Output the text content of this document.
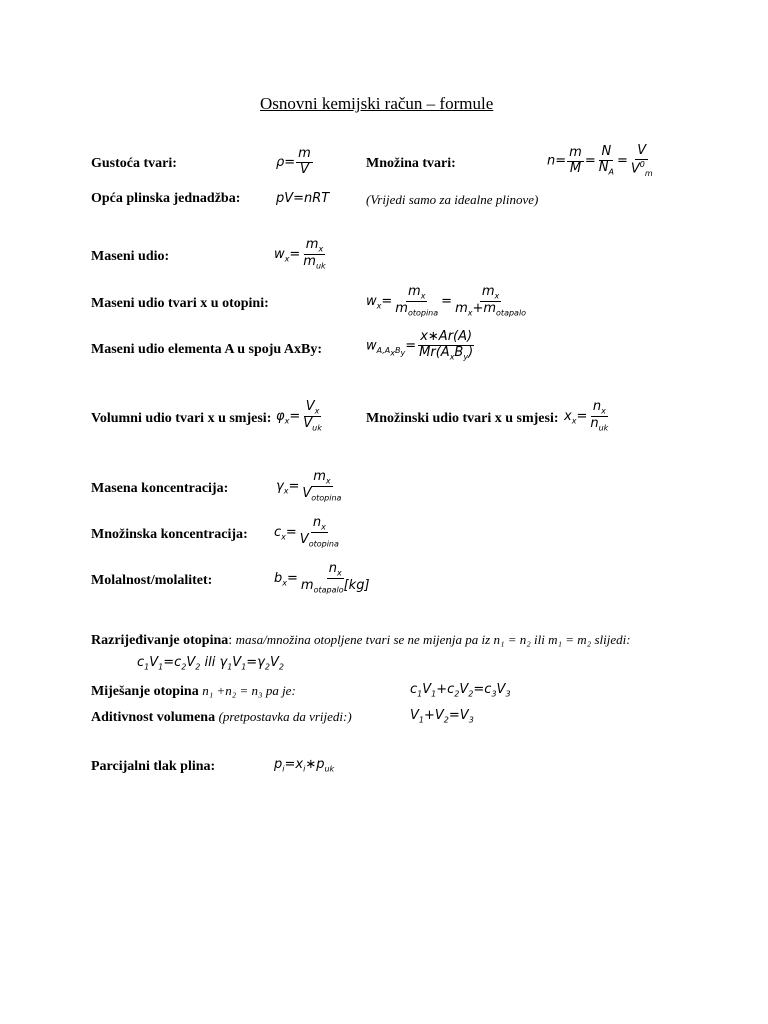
Osnovni kemijski račun – formule
Gustoća tvari:	$\rho= \frac{m}{V}$	Množina tvari:	$n= \frac{m}{M} = \frac{N}{N_A} = \frac{V}{V^0_m}$
Opća plinska jednadžba:	pV=nRT	(Vrijedi samo za idealne plinove)
Maseni udio:	$w_x= \frac{m_x}{m_{uk}}$
Maseni udio tvari x u otopini:	$w_x= \frac{m_x}{m_{otopina}} = \frac{m_x}{m_x+m_{otapalo}}$
Maseni udio elementa A u spoju AxBy:	$w_{A,A_xB_y}= \frac{x∗Ar(A)}{Mr(A_xB_y)}$
Volumni udio tvari x u smjesi: $\varphi_x= \frac{V_x}{V_{uk}}$	Množinski udio tvari x u smjesi: $x_x= \frac{n_x}{n_{uk}}$
Masena koncentracija:	$\gamma_x= \frac{m_x}{V_{otopina}}$
Množinska koncentracija: $c_x= \frac{n_x}{V_{otopina}}$
Molalnost/molalitet:	$b_x= \frac{n_x}{m_{otapalo}[kg]}$
Razrijeđivanje otopina: masa/množina otopljene tvari se ne mijenja pa iz n₁ = n₂ ili m₁ = m₂ slijedi:
$c_1V_1=c_2V_2$ ili $\gamma_1V_1=\gamma_2V_2$
Miješanje otopina n₁ +n₂ = n₃ pa je:	$c_1V_1+c_2V_2=c_3V_3$
Aditivnost volumena (pretpostavka da vrijedi:)	$V_1+V_2=V_3$
Parcijalni tlak plina:	$p_i=x_i∗p_{uk}$
